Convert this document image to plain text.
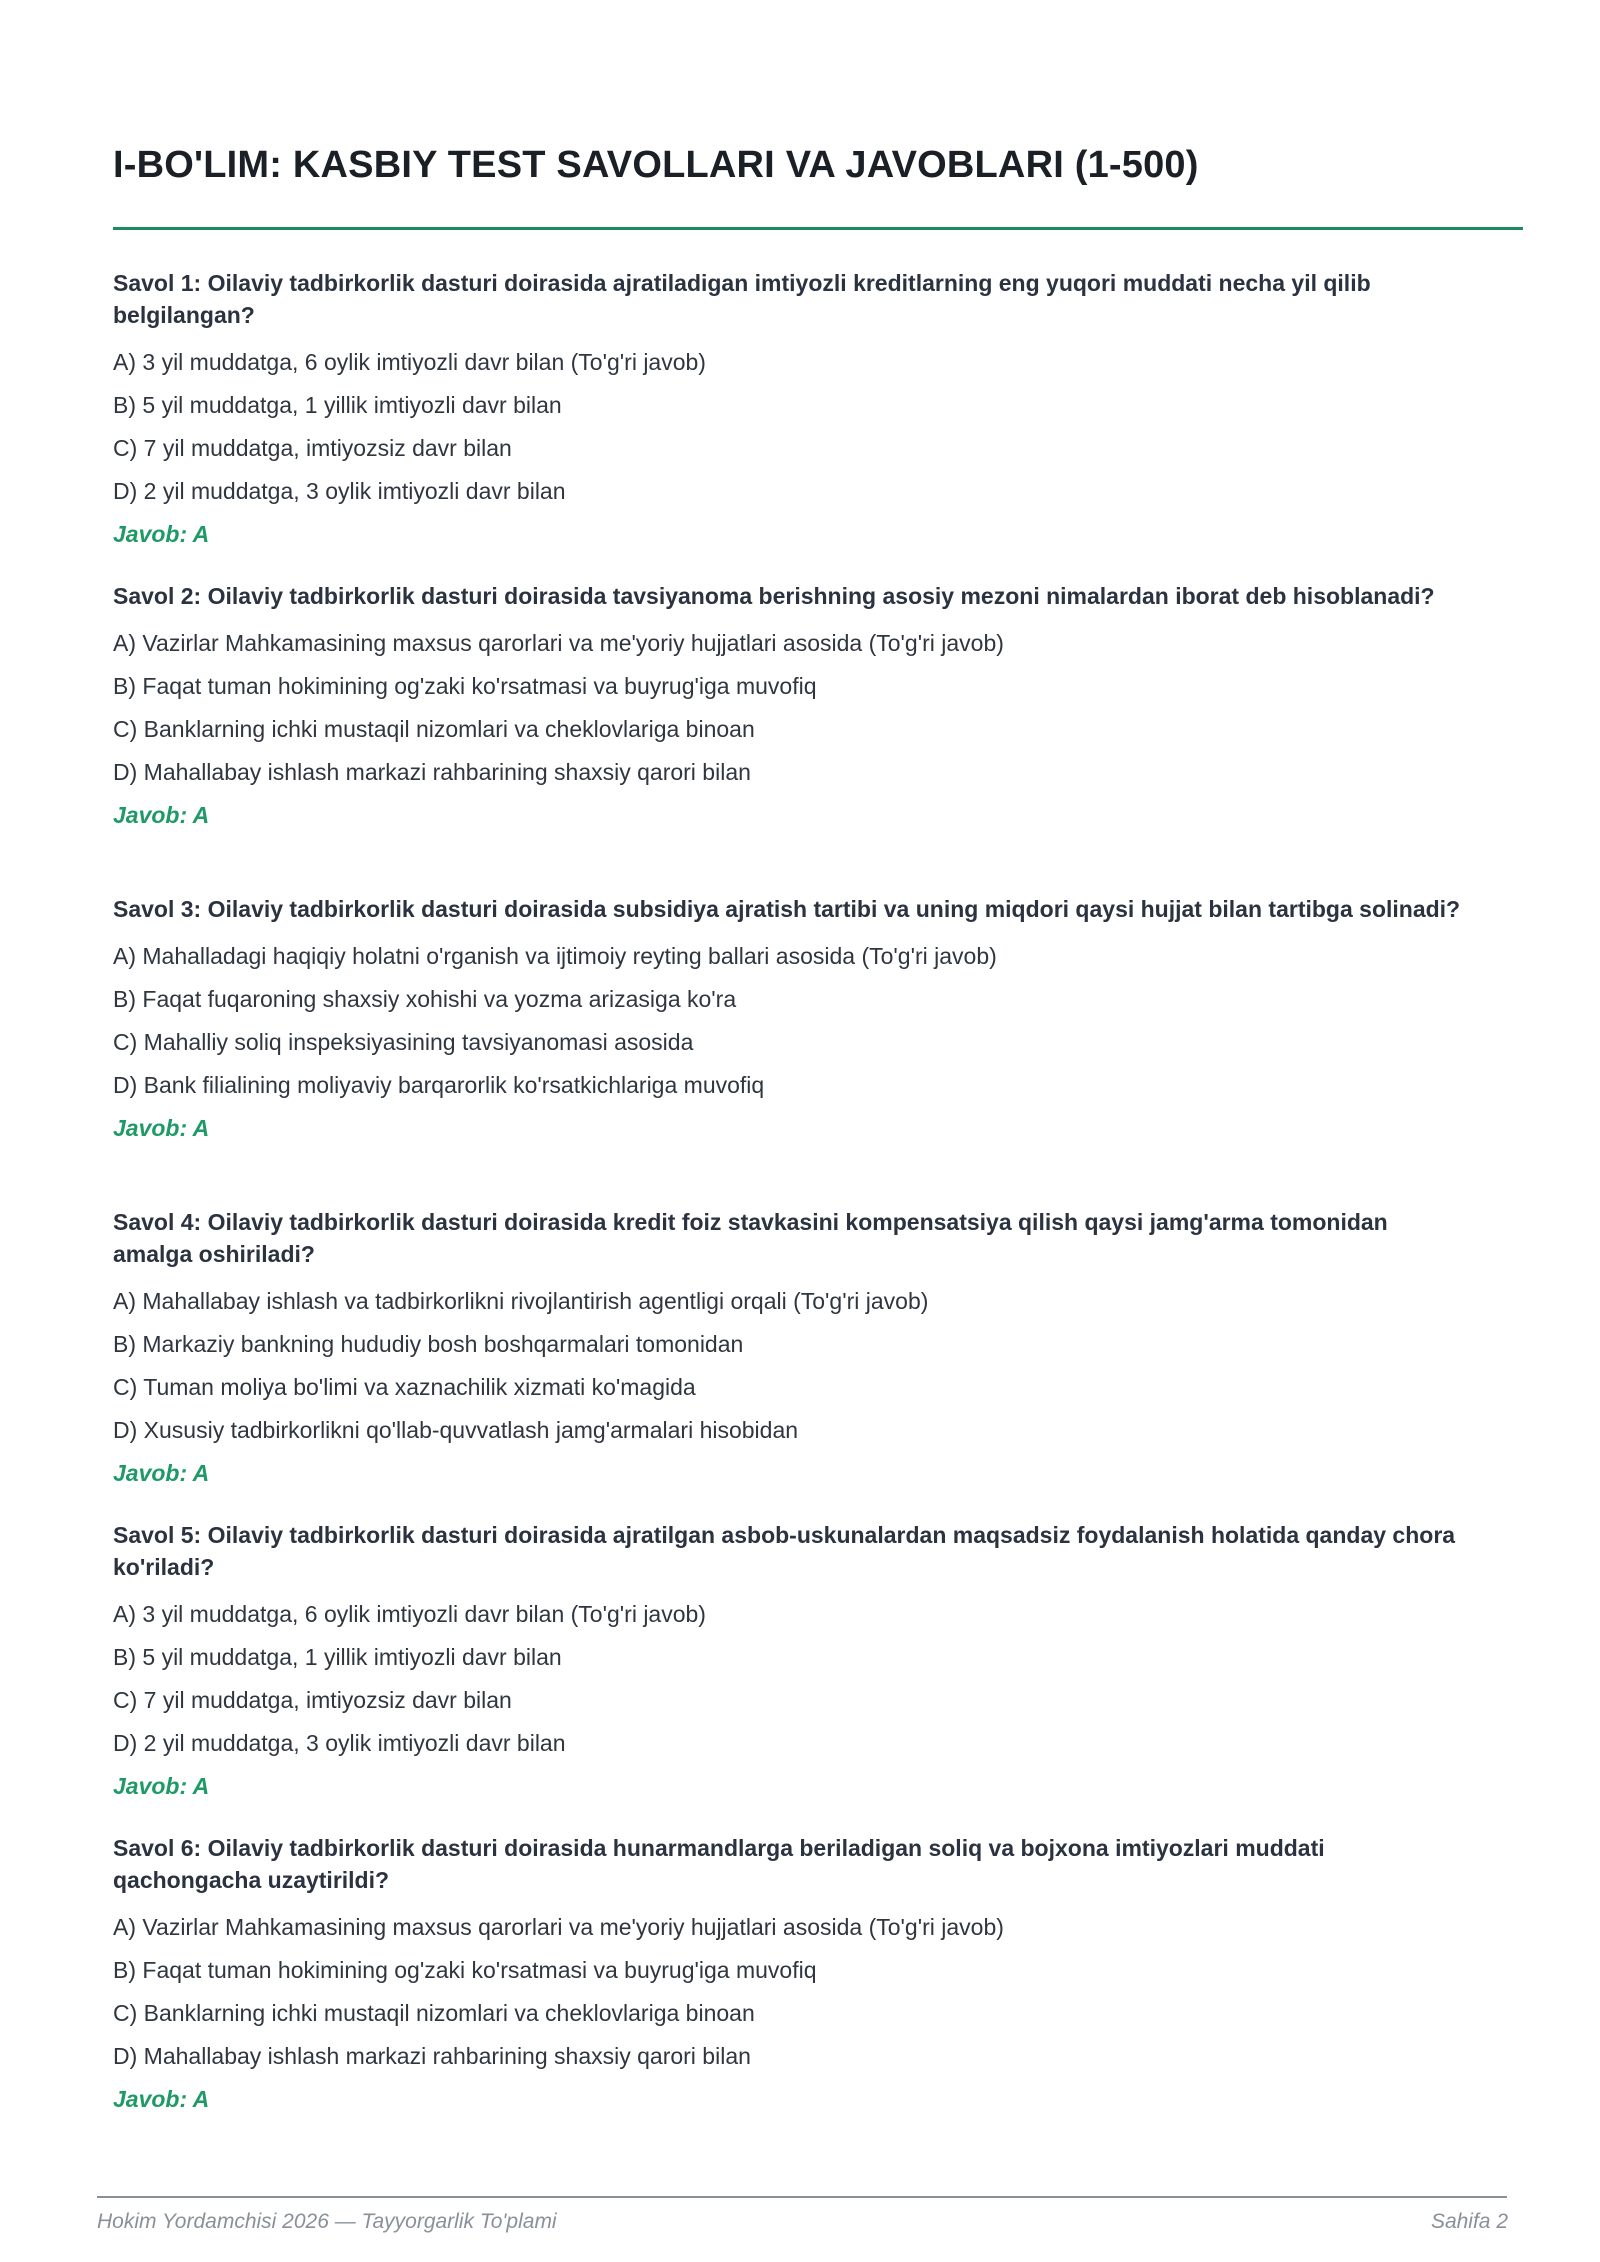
I-BO'LIM: KASBIY TEST SAVOLLARI VA JAVOBLARI (1-500)

Savol 1: Oilaviy tadbirkorlik dasturi doirasida ajratiladigan imtiyozli kreditlarning eng yuqori muddati necha yil qilib belgilangan?

A) 3 yil muddatga, 6 oylik imtiyozli davr bilan (To'g'ri javob)
B) 5 yil muddatga, 1 yillik imtiyozli davr bilan
C) 7 yil muddatga, imtiyozsiz davr bilan
D) 2 yil muddatga, 3 oylik imtiyozli davr bilan
Javob: A

Savol 2: Oilaviy tadbirkorlik dasturi doirasida tavsiyanoma berishning asosiy mezoni nimalardan iborat deb hisoblanadi?

A) Vazirlar Mahkamasining maxsus qarorlari va me'yoriy hujjatlari asosida (To'g'ri javob)
B) Faqat tuman hokimining og'zaki ko'rsatmasi va buyrug'iga muvofiq
C) Banklarning ichki mustaqil nizomlari va cheklovlariga binoan
D) Mahallabay ishlash markazi rahbarining shaxsiy qarori bilan
Javob: A

Savol 3: Oilaviy tadbirkorlik dasturi doirasida subsidiya ajratish tartibi va uning miqdori qaysi hujjat bilan tartibga solinadi?

A) Mahalladagi haqiqiy holatni o'rganish va ijtimoiy reyting ballari asosida (To'g'ri javob)
B) Faqat fuqaroning shaxsiy xohishi va yozma arizasiga ko'ra
C) Mahalliy soliq inspeksiyasining tavsiyanomasi asosida
D) Bank filialining moliyaviy barqarorlik ko'rsatkichlariga muvofiq
Javob: A

Savol 4: Oilaviy tadbirkorlik dasturi doirasida kredit foiz stavkasini kompensatsiya qilish qaysi jamg'arma tomonidan amalga oshiriladi?

A) Mahallabay ishlash va tadbirkorlikni rivojlantirish agentligi orqali (To'g'ri javob)
B) Markaziy bankning hududiy bosh boshqarmalari tomonidan
C) Tuman moliya bo'limi va xaznachilik xizmati ko'magida
D) Xususiy tadbirkorlikni qo'llab-quvvatlash jamg'armalari hisobidan
Javob: A

Savol 5: Oilaviy tadbirkorlik dasturi doirasida ajratilgan asbob-uskunalardan maqsadsiz foydalanish holatida qanday chora ko'riladi?

A) 3 yil muddatga, 6 oylik imtiyozli davr bilan (To'g'ri javob)
B) 5 yil muddatga, 1 yillik imtiyozli davr bilan
C) 7 yil muddatga, imtiyozsiz davr bilan
D) 2 yil muddatga, 3 oylik imtiyozli davr bilan
Javob: A

Savol 6: Oilaviy tadbirkorlik dasturi doirasida hunarmandlarga beriladigan soliq va bojxona imtiyozlari muddati qachongacha uzaytirildi?

A) Vazirlar Mahkamasining maxsus qarorlari va me'yoriy hujjatlari asosida (To'g'ri javob)
B) Faqat tuman hokimining og'zaki ko'rsatmasi va buyrug'iga muvofiq
C) Banklarning ichki mustaqil nizomlari va cheklovlariga binoan
D) Mahallabay ishlash markazi rahbarining shaxsiy qarori bilan
Javob: A
Hokim Yordamchisi 2026 — Tayyorgarlik To'plami	Sahifa 2
